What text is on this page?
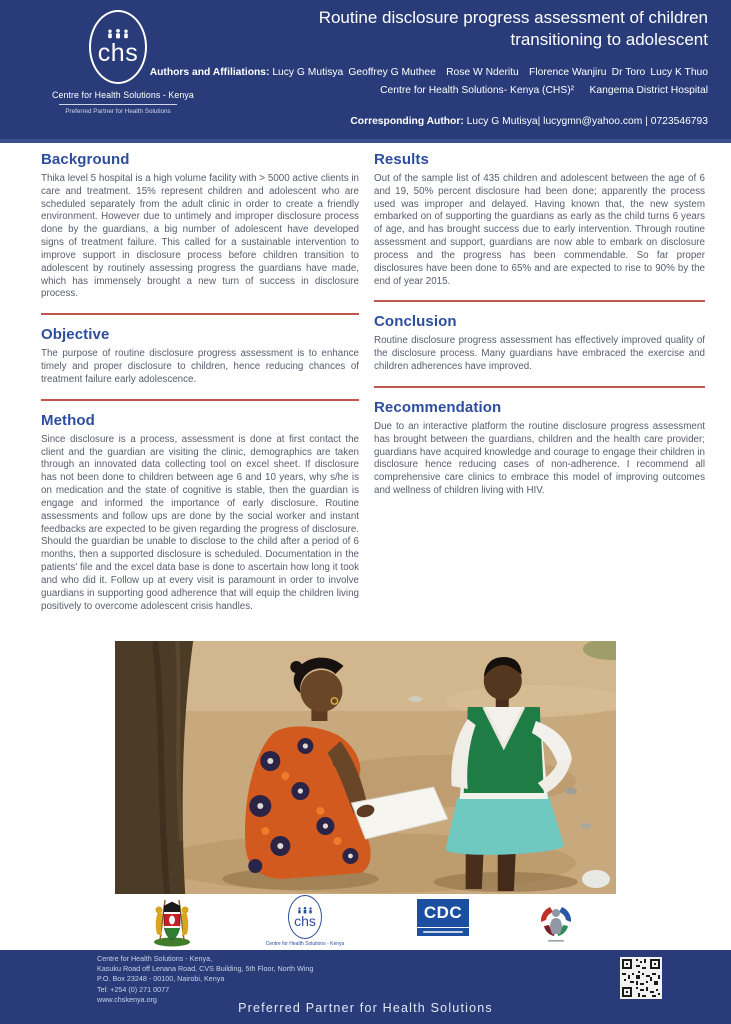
chs
Centre for Health Solutions - Kenya
Preferred Partner for Health Solutions
Routine disclosure progress assessment of children transitioning to adolescent
Authors and Affiliations: Lucy G Mutisya Geoffrey G Muthee Rose W Nderitu Florence Wanjiru Dr Toro Lucy K Thuo
Centre for Health Solutions- Kenya (CHS)²  Kangema District Hospital
Corresponding Author: Lucy G Mutisya| lucygmn@yahoo.com | 0723546793
Background

Thika level 5 hospital is a high volume facility with > 5000 active clients in care and treatment. 15% represent children and adolescent who are scheduled separately from the adult clinic in order to create a friendly environment. However due to untimely and improper disclosure process done by the guardians, a big number of adolescent have developed signs of treatment failure. This called for a sustainable intervention to improve support in disclosure process before children transition to adolescent by routinely assessing progress the guardians have made, which has immensely brought a new turn of success in disclosure process.

Objective

The purpose of routine disclosure progress assessment is to enhance timely and proper disclosure to children, hence reducing chances of treatment failure early adolescence.

Method

Since disclosure is a process, assessment is done at first contact the client and the guardian are visiting the clinic, demographics are taken through an innovated data collecting tool on excel sheet. If disclosure has not been done to children between age 6 and 10 years, why s/he is on medication and the state of cognitive is stable, then the guardian is engage and informed the importance of early disclosure. Routine assessments and follow ups are done by the social worker and instant feedbacks are expected to be given regarding the progress of disclosure. Should the guardian be unable to disclose to the child after a period of 6 months, then a supported disclosure is scheduled. Documentation in the patients' file and the excel data base is done to ascertain how long it took and who did it. Follow up at every visit is paramount in order to involve guardians in supporting good adherence that will equip the children living positively to overcome adolescent crisis handles.

Results

Out of the sample list of 435 children and adolescent between the age of 6 and 19, 50% percent disclosure had been done; apparently the process used was improper and delayed. Having known that, the new system embarked on of supporting the guardians as early as the child turns 6 years of age, and has brought success due to early intervention. Through routine assessment and support, guardians are now able to embark on disclosure process and the progress has been commendable. So far proper disclosures have been done to 65% and are expected to rise to 90% by the end of year 2015.

Conclusion

Routine disclosure progress assessment has effectively improved quality of the disclosure process. Many guardians have embraced the exercise and children adherences have improved.

Recommendation

Due to an interactive platform the routine disclosure progress assessment has brought between the guardians, children and the health care provider; guardians have acquired knowledge and courage to engage their children in disclosure hence reducing cases of non-adherence. I recommend all comprehensive care clinics to embrace this model of improving outcomes and wellness of children living with HIV.

chs
Centre for Health Solutions - Kenya
CDC
Centre for Health Solutions - Kenya,
Kasuku Road off Lenana Road, CVS Building, 5th Floor, North Wing
P.O. Box 23248 - 00100, Nairobi, Kenya
Tel: +254 (0) 271 0077
www.chskenya.org
Preferred Partner for Health Solutions
